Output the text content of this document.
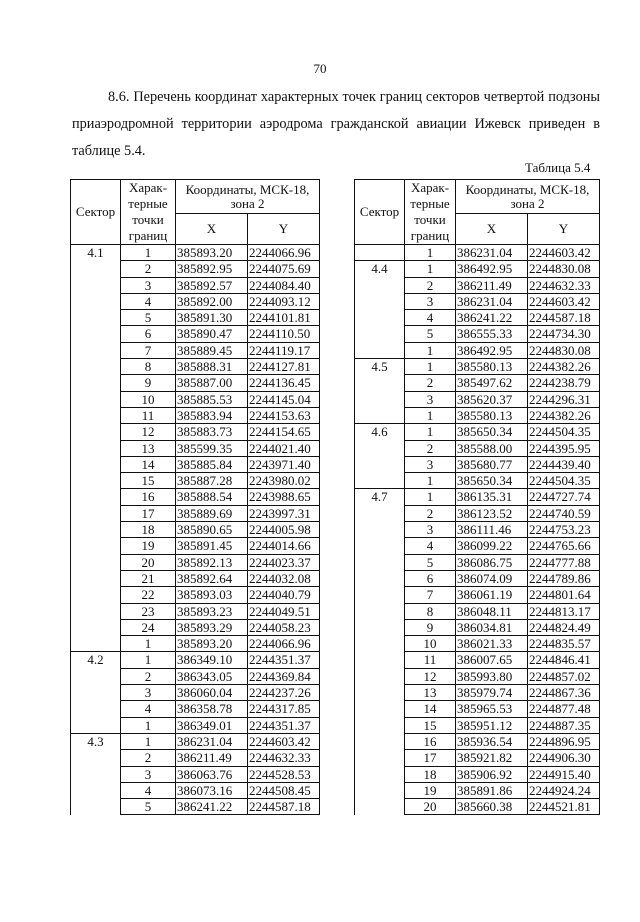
70
8.6. Перечень координат характерных точек границ секторов четвертой подзоны приаэродромной территории аэродрома гражданской авиации Ижевск приведен в таблице 5.4.
Таблица 5.4
Сектор	Харак-терные точки границ	Координаты, МСК-18, зона 2	
		X	Y
4.1	1	385893.20	2244066.96
	2	385892.95	2244075.69
	3	385892.57	2244084.40
	4	385892.00	2244093.12
	5	385891.30	2244101.81
	6	385890.47	2244110.50
	7	385889.45	2244119.17
	8	385888.31	2244127.81
	9	385887.00	2244136.45
	10	385885.53	2244145.04
	11	385883.94	2244153.63
	12	385883.73	2244154.65
	13	385599.35	2244021.40
	14	385885.84	2243971.40
	15	385887.28	2243980.02
	16	385888.54	2243988.65
	17	385889.69	2243997.31
	18	385890.65	2244005.98
	19	385891.45	2244014.66
	20	385892.13	2244023.37
	21	385892.64	2244032.08
	22	385893.03	2244040.79
	23	385893.23	2244049.51
	24	385893.29	2244058.23
	1	385893.20	2244066.96
4.2	1	386349.10	2244351.37
	2	386343.05	2244369.84
	3	386060.04	2244237.26
	4	386358.78	2244317.85
	1	386349.01	2244351.37
4.3	1	386231.04	2244603.42
	2	386211.49	2244632.33
	3	386063.76	2244528.53
	4	386073.16	2244508.45
	5	386241.22	2244587.18
Сектор	Харак-терные точки границ	Координаты, МСК-18, зона 2	
		X	Y
	1	386231.04	2244603.42
4.4	1	386492.95	2244830.08
	2	386211.49	2244632.33
	3	386231.04	2244603.42
	4	386241.22	2244587.18
	5	386555.33	2244734.30
	1	386492.95	2244830.08
4.5	1	385580.13	2244382.26
	2	385497.62	2244238.79
	3	385620.37	2244296.31
	1	385580.13	2244382.26
4.6	1	385650.34	2244504.35
	2	385588.00	2244395.95
	3	385680.77	2244439.40
	1	385650.34	2244504.35
4.7	1	386135.31	2244727.74
	2	386123.52	2244740.59
	3	386111.46	2244753.23
	4	386099.22	2244765.66
	5	386086.75	2244777.88
	6	386074.09	2244789.86
	7	386061.19	2244801.64
	8	386048.11	2244813.17
	9	386034.81	2244824.49
	10	386021.33	2244835.57
	11	386007.65	2244846.41
	12	385993.80	2244857.02
	13	385979.74	2244867.36
	14	385965.53	2244877.48
	15	385951.12	2244887.35
	16	385936.54	2244896.95
	17	385921.82	2244906.30
	18	385906.92	2244915.40
	19	385891.86	2244924.24
	20	385660.38	2244521.81
